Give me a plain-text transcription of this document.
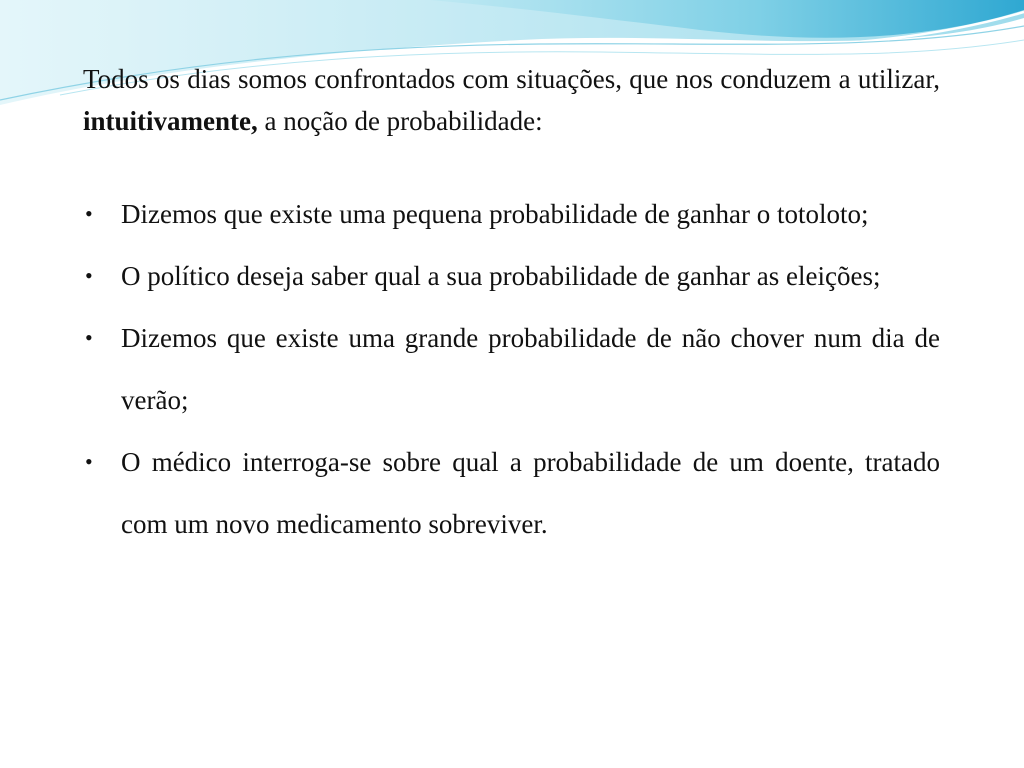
Todos os dias somos confrontados com situações, que nos conduzem a utilizar, intuitivamente, a noção de probabilidade:

• Dizemos que existe uma pequena probabilidade de ganhar o totoloto;
• O político deseja saber qual a sua probabilidade de ganhar as eleições;
• Dizemos que existe uma grande probabilidade de não chover num dia de verão;
• O médico interroga-se sobre qual a probabilidade de um doente, tratado com um novo medicamento sobreviver.
